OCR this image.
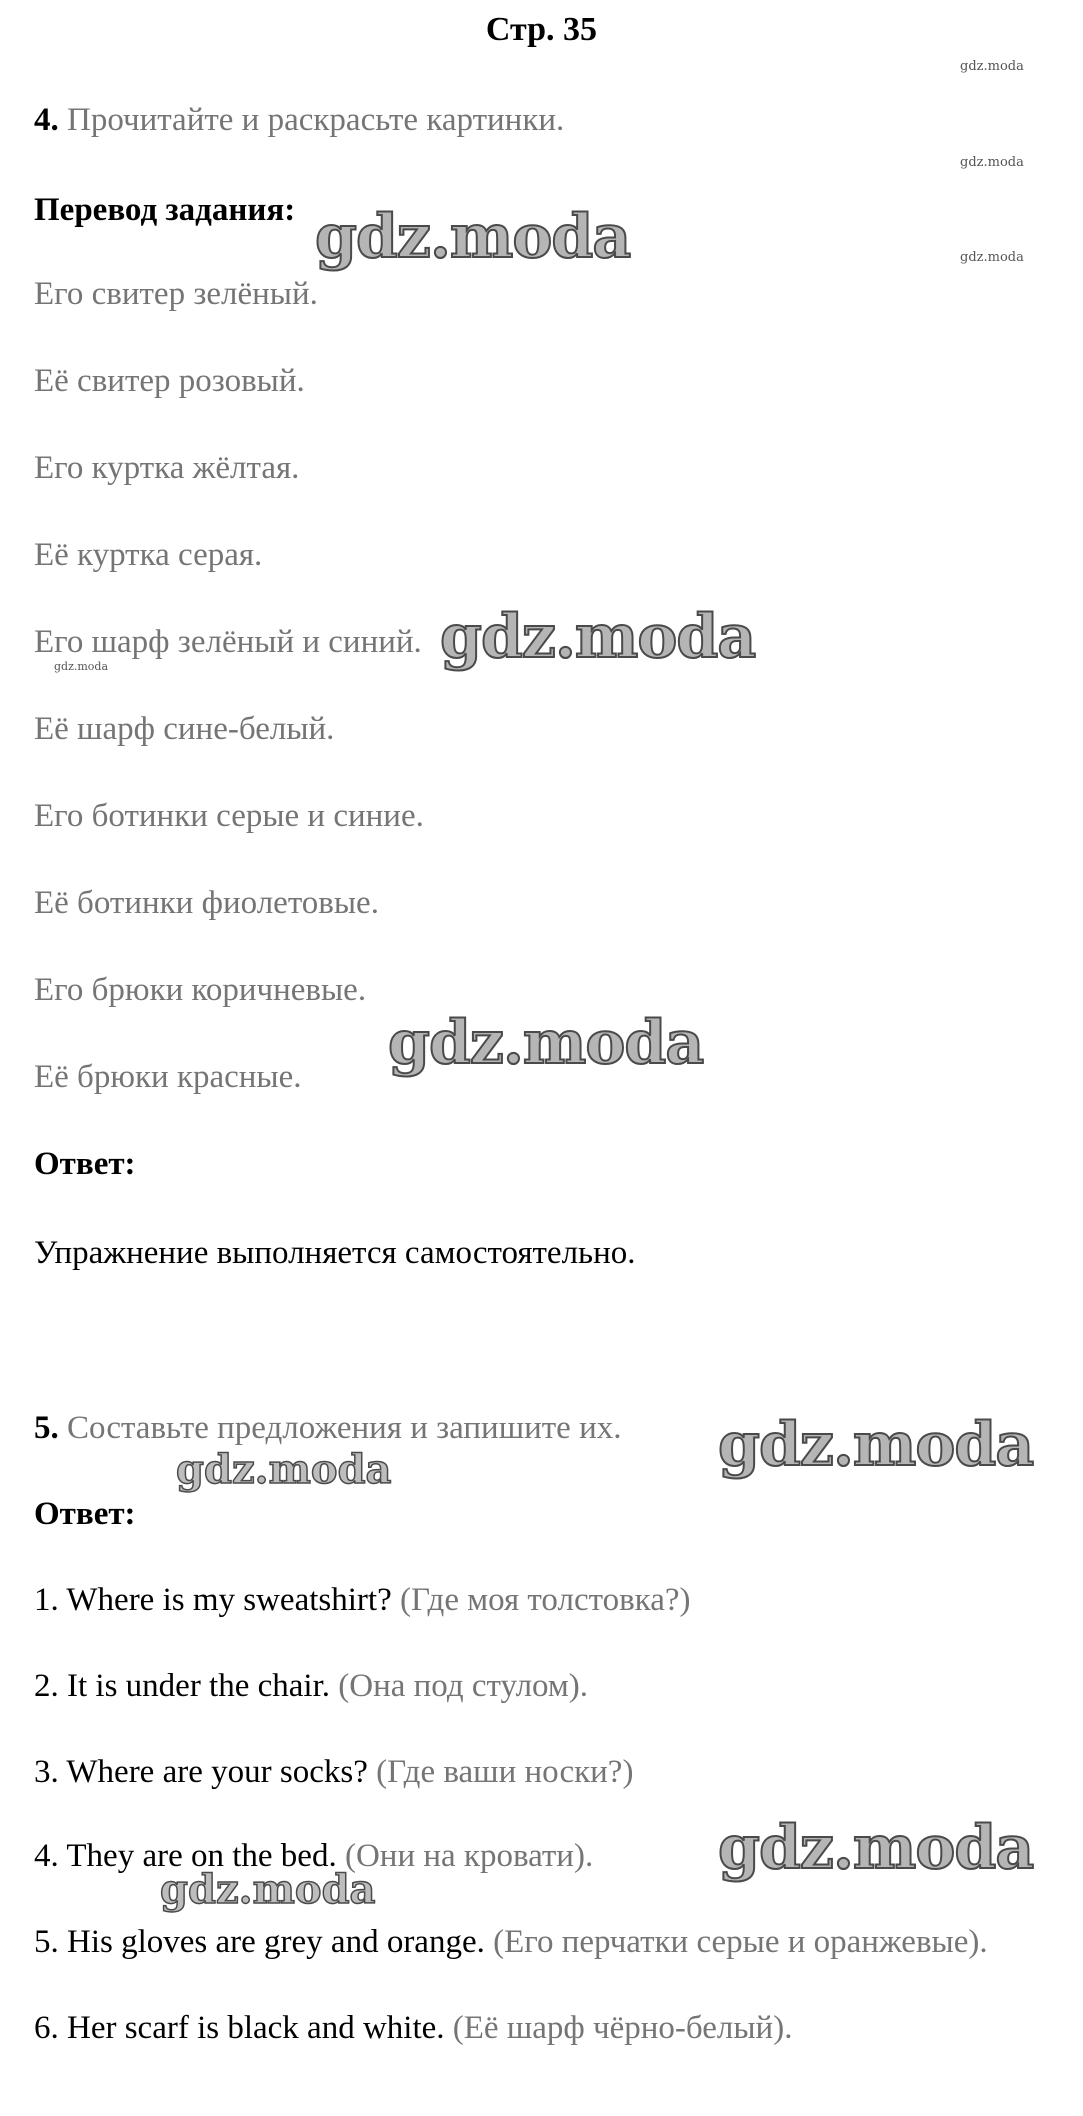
Стр. 35
4. Прочитайте и раскрасьте картинки.
Перевод задания:
Его свитер зелёный.
Её свитер розовый.
Его куртка жёлтая.
Её куртка серая.
Его шарф зелёный и синий.
Её шарф сине-белый.
Его ботинки серые и синие.
Её ботинки фиолетовые.
Его брюки коричневые.
Её брюки красные.
Ответ:
Упражнение выполняется самостоятельно.
5. Составьте предложения и запишите их.
Ответ:
1. Where is my sweatshirt? (Где моя толстовка?)
2. It is under the chair. (Она под стулом).
3. Where are your socks? (Где ваши носки?)
4. They are on the bed. (Они на кровати).
5. His gloves are grey and orange. (Его перчатки серые и оранжевые).
6. Her scarf is black and white. (Её шарф чёрно-белый).
gdz.moda
gdz.moda
gdz.moda
gdz.moda
gdz.moda
gdz.moda
gdz.moda
gdz.moda
gdz.moda
gdz.moda
gdz.moda
